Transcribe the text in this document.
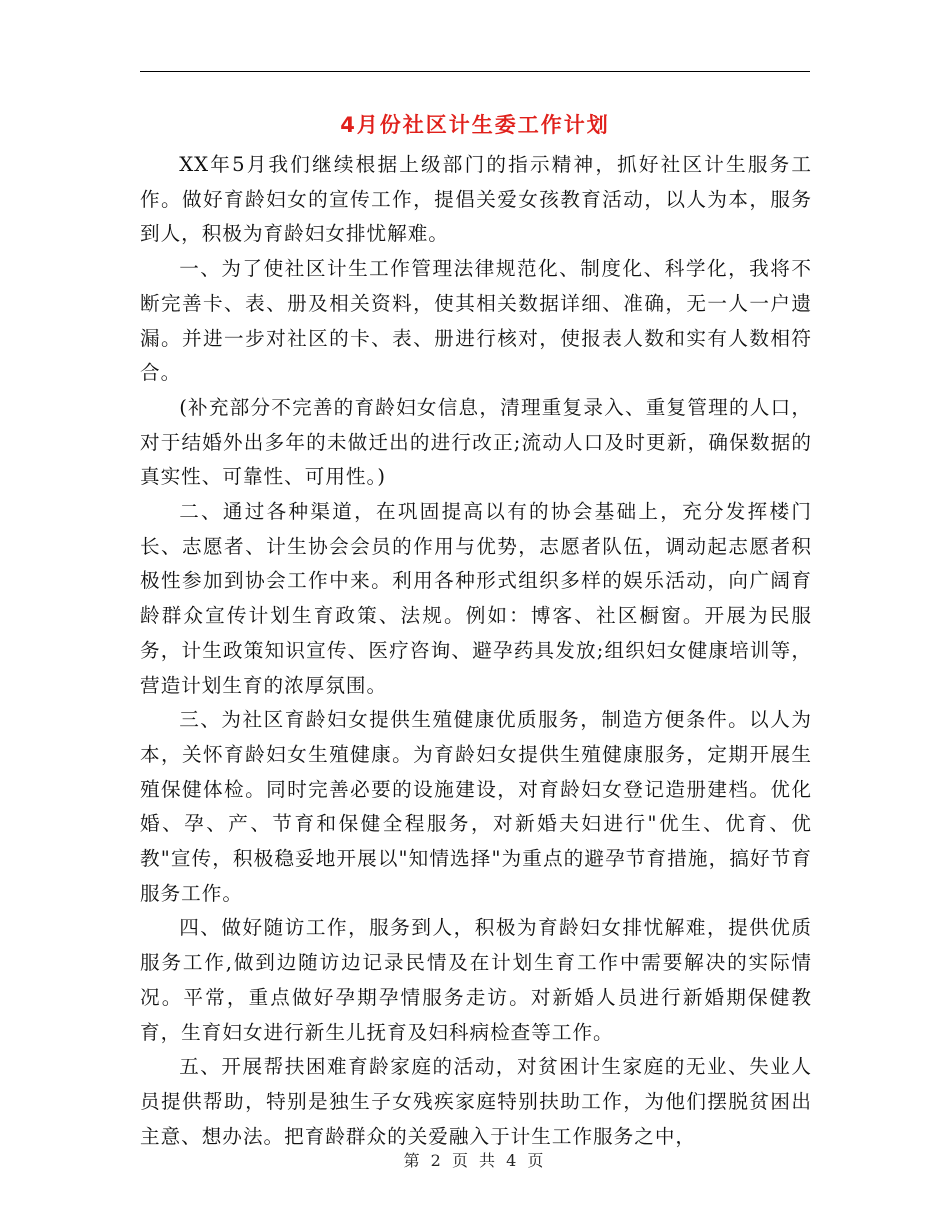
4月份社区计生委工作计划

XX年5月我们继续根据上级部门的指示精神，抓好社区计生服务工作。做好育龄妇女的宣传工作，提倡关爱女孩教育活动，以人为本，服务到人，积极为育龄妇女排忧解难。

一、为了使社区计生工作管理法律规范化、制度化、科学化，我将不断完善卡、表、册及相关资料，使其相关数据详细、准确，无一人一户遗漏。并进一步对社区的卡、表、册进行核对，使报表人数和实有人数相符合。

(补充部分不完善的育龄妇女信息，清理重复录入、重复管理的人口，对于结婚外出多年的未做迁出的进行改正;流动人口及时更新，确保数据的真实性、可靠性、可用性。)

二、通过各种渠道，在巩固提高以有的协会基础上，充分发挥楼门长、志愿者、计生协会会员的作用与优势，志愿者队伍，调动起志愿者积极性参加到协会工作中来。利用各种形式组织多样的娱乐活动，向广阔育龄群众宣传计划生育政策、法规。例如：博客、社区橱窗。开展为民服务，计生政策知识宣传、医疗咨询、避孕药具发放;组织妇女健康培训等，营造计划生育的浓厚氛围。

三、为社区育龄妇女提供生殖健康优质服务，制造方便条件。以人为本，关怀育龄妇女生殖健康。为育龄妇女提供生殖健康服务，定期开展生殖保健体检。同时完善必要的设施建设，对育龄妇女登记造册建档。优化婚、孕、产、节育和保健全程服务，对新婚夫妇进行"优生、优育、优教"宣传，积极稳妥地开展以"知情选择"为重点的避孕节育措施，搞好节育服务工作。

四、做好随访工作，服务到人，积极为育龄妇女排忧解难，提供优质服务工作,做到边随访边记录民情及在计划生育工作中需要解决的实际情况。平常，重点做好孕期孕情服务走访。对新婚人员进行新婚期保健教育，生育妇女进行新生儿抚育及妇科病检查等工作。

五、开展帮扶困难育龄家庭的活动，对贫困计生家庭的无业、失业人员提供帮助，特别是独生子女残疾家庭特别扶助工作，为他们摆脱贫困出主意、想办法。把育龄群众的关爱融入于计生工作服务之中，

第 2 页 共 4 页
